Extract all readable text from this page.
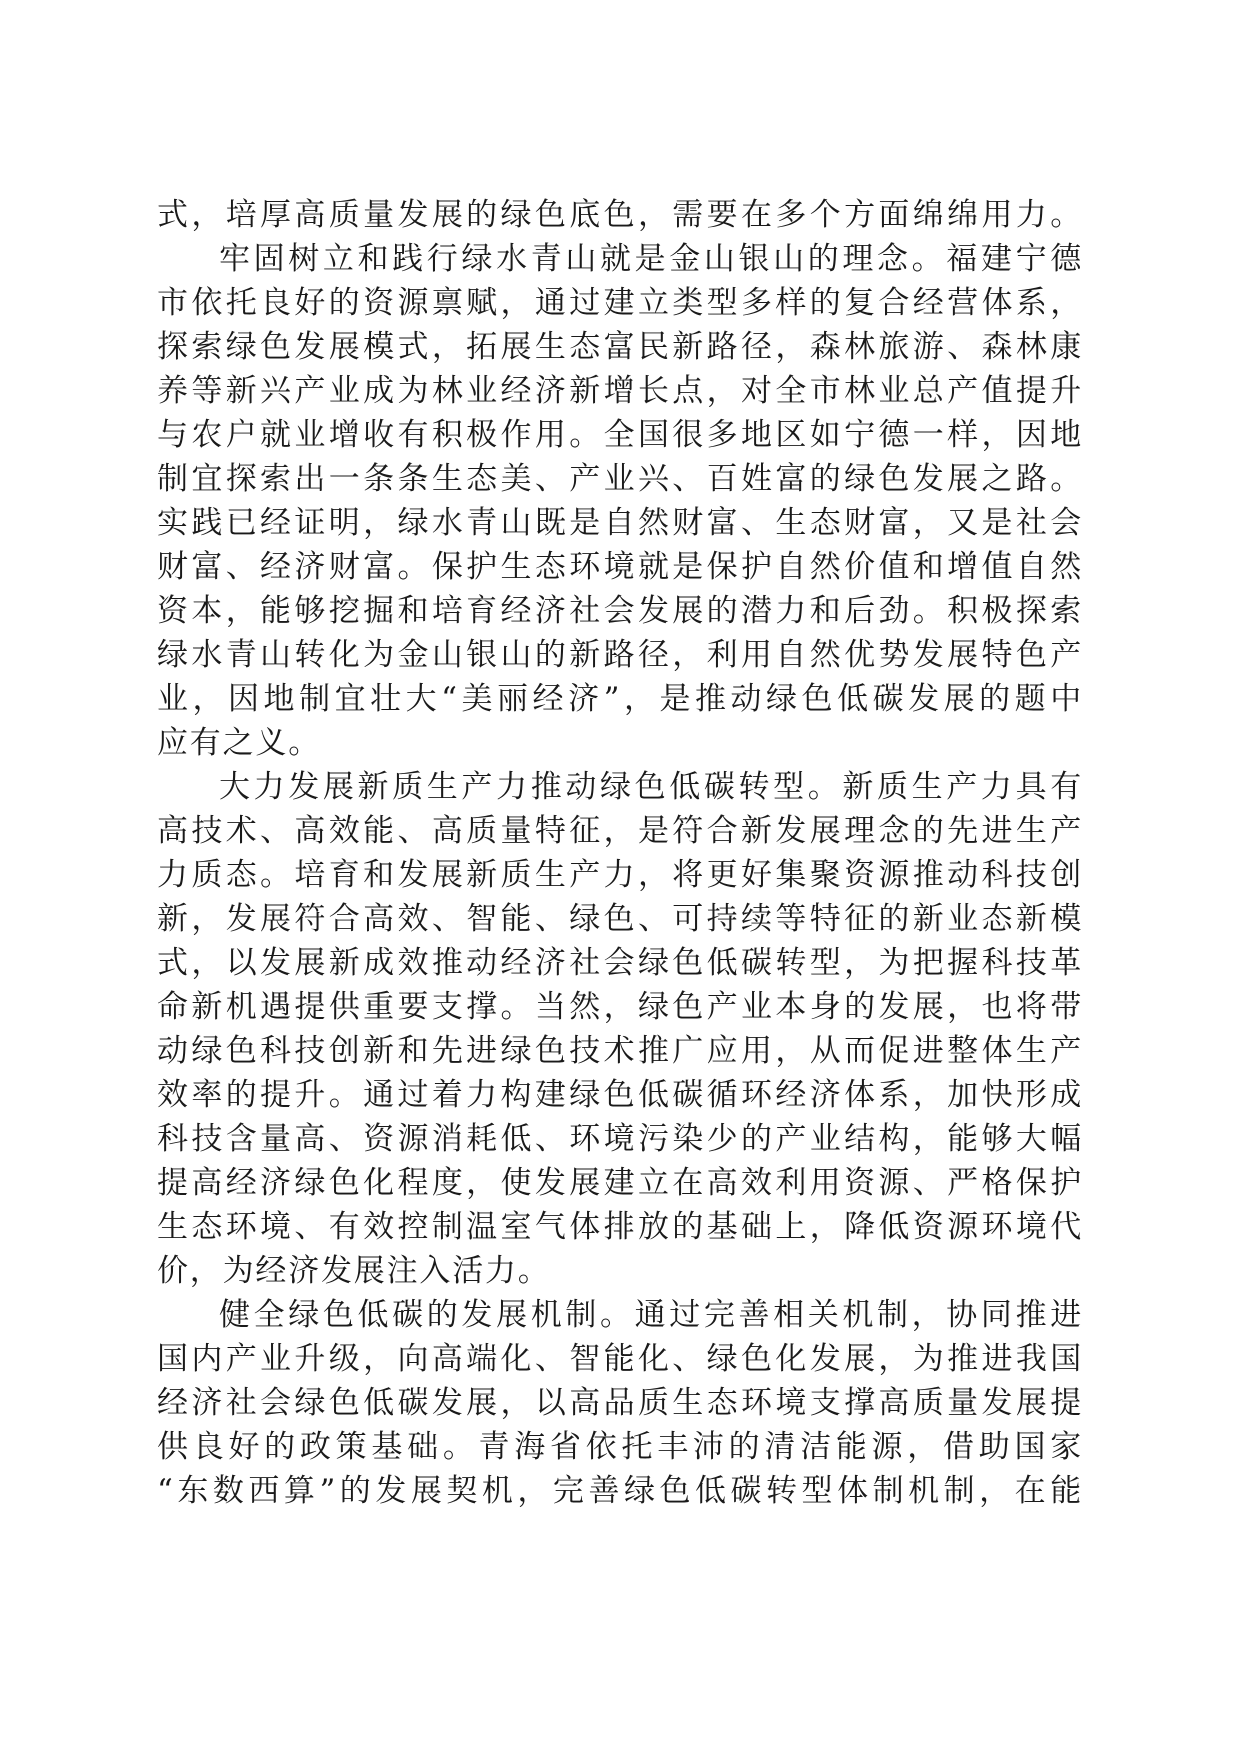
式，培厚高质量发展的绿色底色，需要在多个方面绵绵用力。
牢固树立和践行绿水青山就是金山银山的理念。福建宁德
市依托良好的资源禀赋，通过建立类型多样的复合经营体系，
探索绿色发展模式，拓展生态富民新路径，森林旅游、森林康
养等新兴产业成为林业经济新增长点，对全市林业总产值提升
与农户就业增收有积极作用。全国很多地区如宁德一样，因地
制宜探索出一条条生态美、产业兴、百姓富的绿色发展之路。
实践已经证明，绿水青山既是自然财富、生态财富，又是社会
财富、经济财富。保护生态环境就是保护自然价值和增值自然
资本，能够挖掘和培育经济社会发展的潜力和后劲。积极探索
绿水青山转化为金山银山的新路径，利用自然优势发展特色产
业，因地制宜壮大“美丽经济”，是推动绿色低碳发展的题中
应有之义。
大力发展新质生产力推动绿色低碳转型。新质生产力具有
高技术、高效能、高质量特征，是符合新发展理念的先进生产
力质态。培育和发展新质生产力，将更好集聚资源推动科技创
新，发展符合高效、智能、绿色、可持续等特征的新业态新模
式，以发展新成效推动经济社会绿色低碳转型，为把握科技革
命新机遇提供重要支撑。当然，绿色产业本身的发展，也将带
动绿色科技创新和先进绿色技术推广应用，从而促进整体生产
效率的提升。通过着力构建绿色低碳循环经济体系，加快形成
科技含量高、资源消耗低、环境污染少的产业结构，能够大幅
提高经济绿色化程度，使发展建立在高效利用资源、严格保护
生态环境、有效控制温室气体排放的基础上，降低资源环境代
价，为经济发展注入活力。
健全绿色低碳的发展机制。通过完善相关机制，协同推进
国内产业升级，向高端化、智能化、绿色化发展，为推进我国
经济社会绿色低碳发展，以高品质生态环境支撑高质量发展提
供良好的政策基础。青海省依托丰沛的清洁能源，借助国家
“东数西算”的发展契机，完善绿色低碳转型体制机制，在能
